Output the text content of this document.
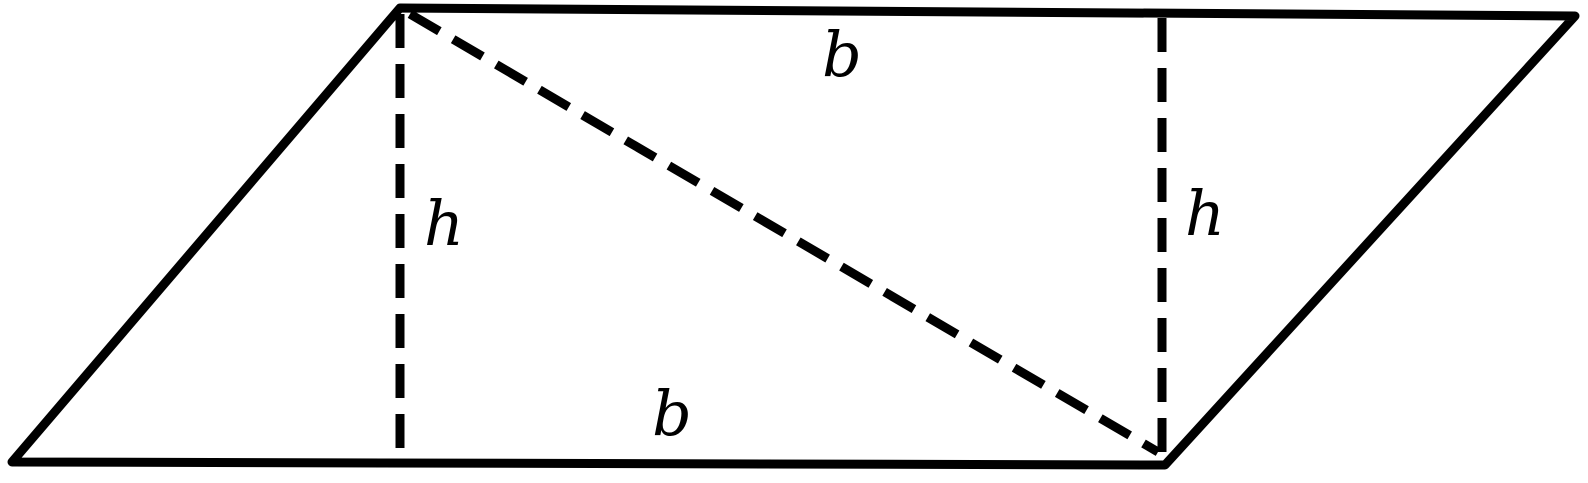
b
b
h	h
